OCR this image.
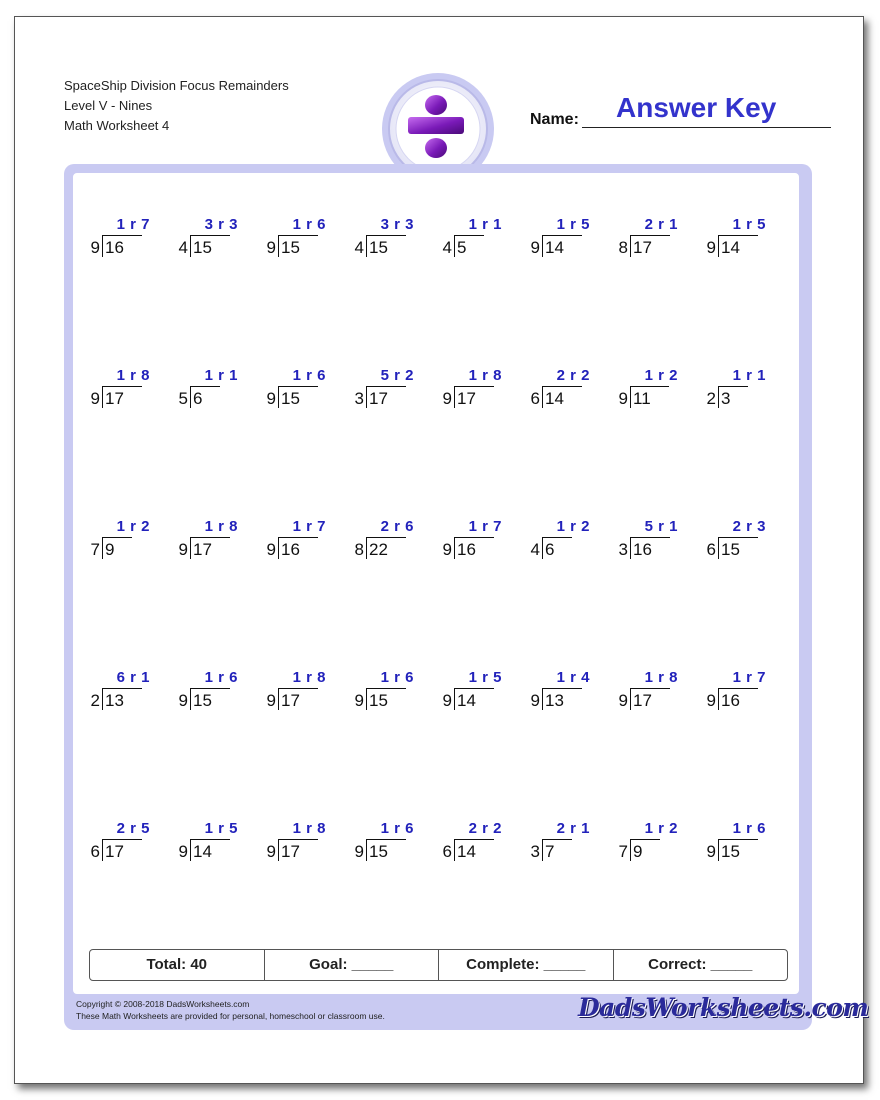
SpaceShip Division Focus Remainders
Level V - Nines
Math Worksheet 4	Name: Answer Key
1 r 7
9 16
3 r 3
4 15
1 r 6
9 15
3 r 3
4 15
1 r 1
4 5
1 r 5
9 14
2 r 1
8 17
1 r 5
9 14
1 r 8
9 17
1 r 1
5 6
1 r 6
9 15
5 r 2
3 17
1 r 8
9 17
2 r 2
6 14
1 r 2
9 11
1 r 1
2 3
1 r 2
7 9
1 r 8
9 17
1 r 7
9 16
2 r 6
8 22
1 r 7
9 16
1 r 2
4 6
5 r 1
3 16
2 r 3
6 15
6 r 1
2 13
1 r 6
9 15
1 r 8
9 17
1 r 6
9 15
1 r 5
9 14
1 r 4
9 13
1 r 8
9 17
1 r 7
9 16
2 r 5
6 17
1 r 5
9 14
1 r 8
9 17
1 r 6
9 15
2 r 2
6 14
2 r 1
3 7
1 r 2
7 9
1 r 6
9 15
Total: 40	Goal: _____	Complete: _____	Correct: _____
Copyright © 2008-2018 DadsWorksheets.com
These Math Worksheets are provided for personal, homeschool or classroom use.	DadsWorksheets.com
